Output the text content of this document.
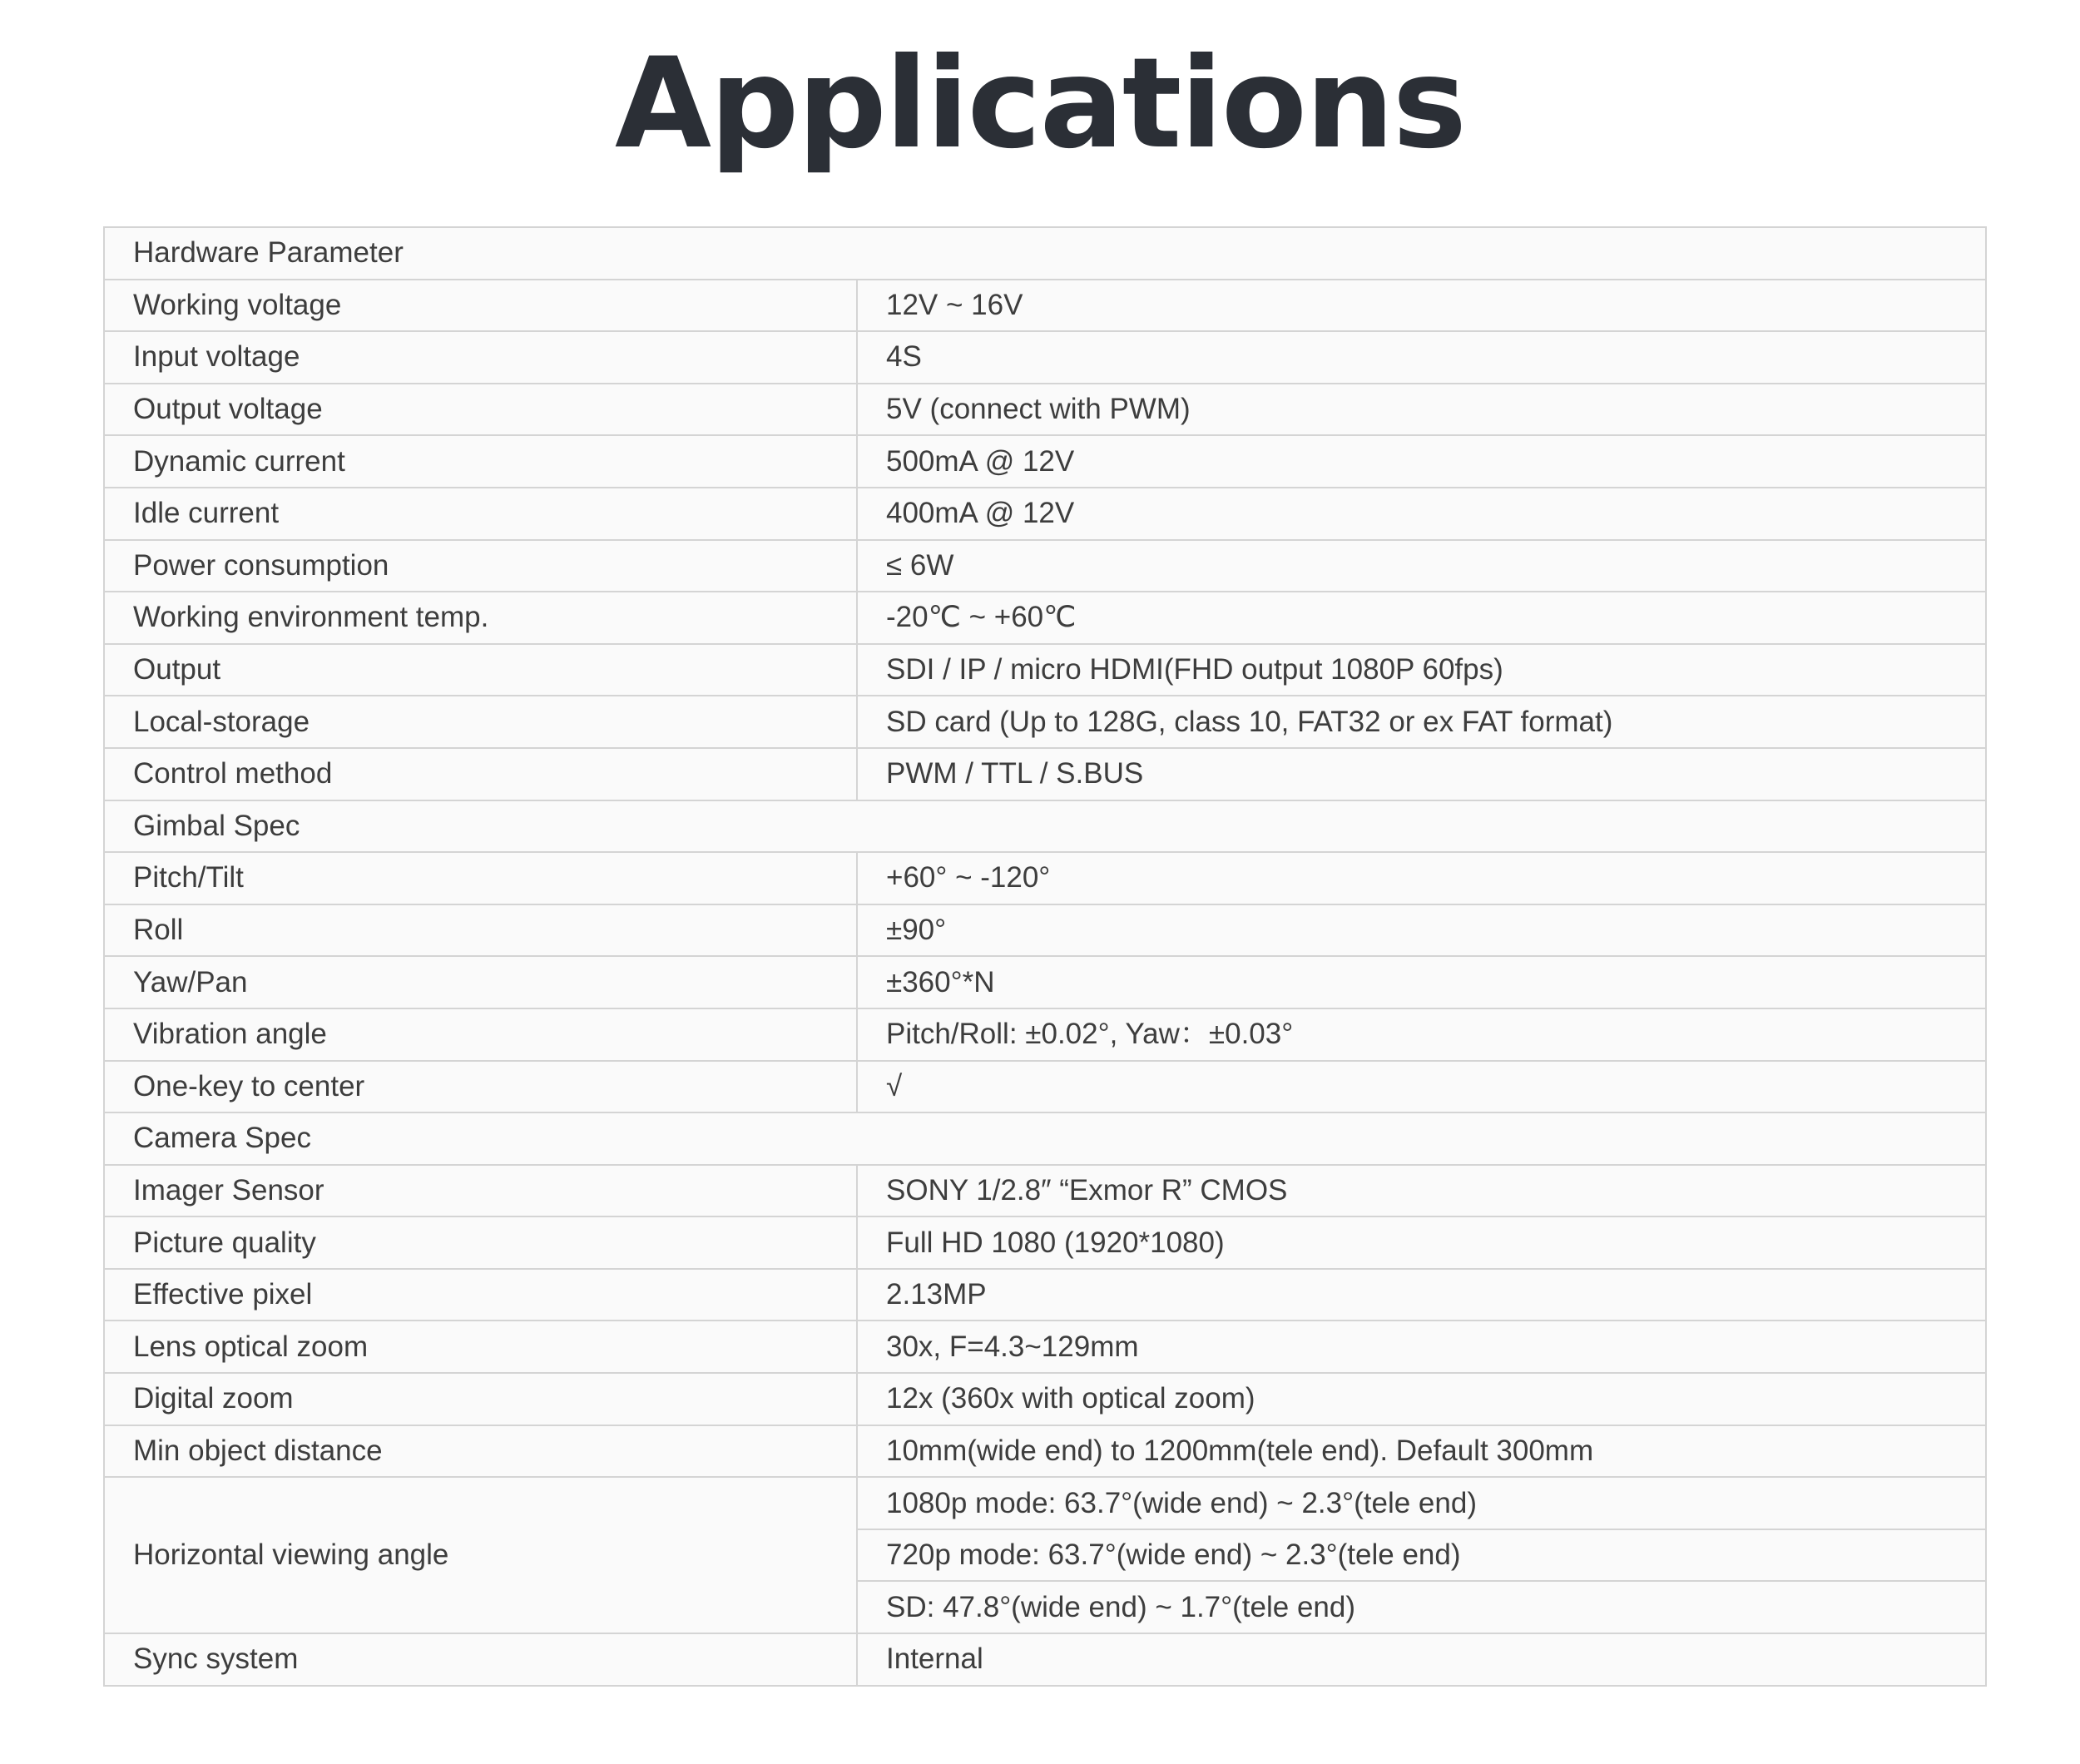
Applications
Hardware Parameter	
Working voltage	12V ~ 16V
Input voltage	4S
Output voltage	5V (connect with PWM)
Dynamic current	500mA @ 12V
Idle current	400mA @ 12V
Power consumption	≤ 6W
Working environment temp.	-20℃ ~ +60℃
Output	SDI / IP / micro HDMI(FHD output 1080P 60fps)
Local-storage	SD card (Up to 128G, class 10, FAT32 or ex FAT format)
Control method	PWM / TTL / S.BUS
Gimbal Spec	
Pitch/Tilt	+60° ~ -120°
Roll	±90°
Yaw/Pan	±360°*N
Vibration angle	Pitch/Roll: ±0.02°, Yaw：±0.03°
One-key to center	√
Camera Spec	
Imager Sensor	SONY 1/2.8″ “Exmor R” CMOS
Picture quality	Full HD 1080 (1920*1080)
Effective pixel	2.13MP
Lens optical zoom	30x, F=4.3~129mm
Digital zoom	12x (360x with optical zoom)
Min object distance	10mm(wide end) to 1200mm(tele end). Default 300mm
Horizontal viewing angle	1080p mode: 63.7°(wide end) ~ 2.3°(tele end)
	720p mode: 63.7°(wide end) ~ 2.3°(tele end)
	SD: 47.8°(wide end) ~ 1.7°(tele end)
Sync system	Internal
